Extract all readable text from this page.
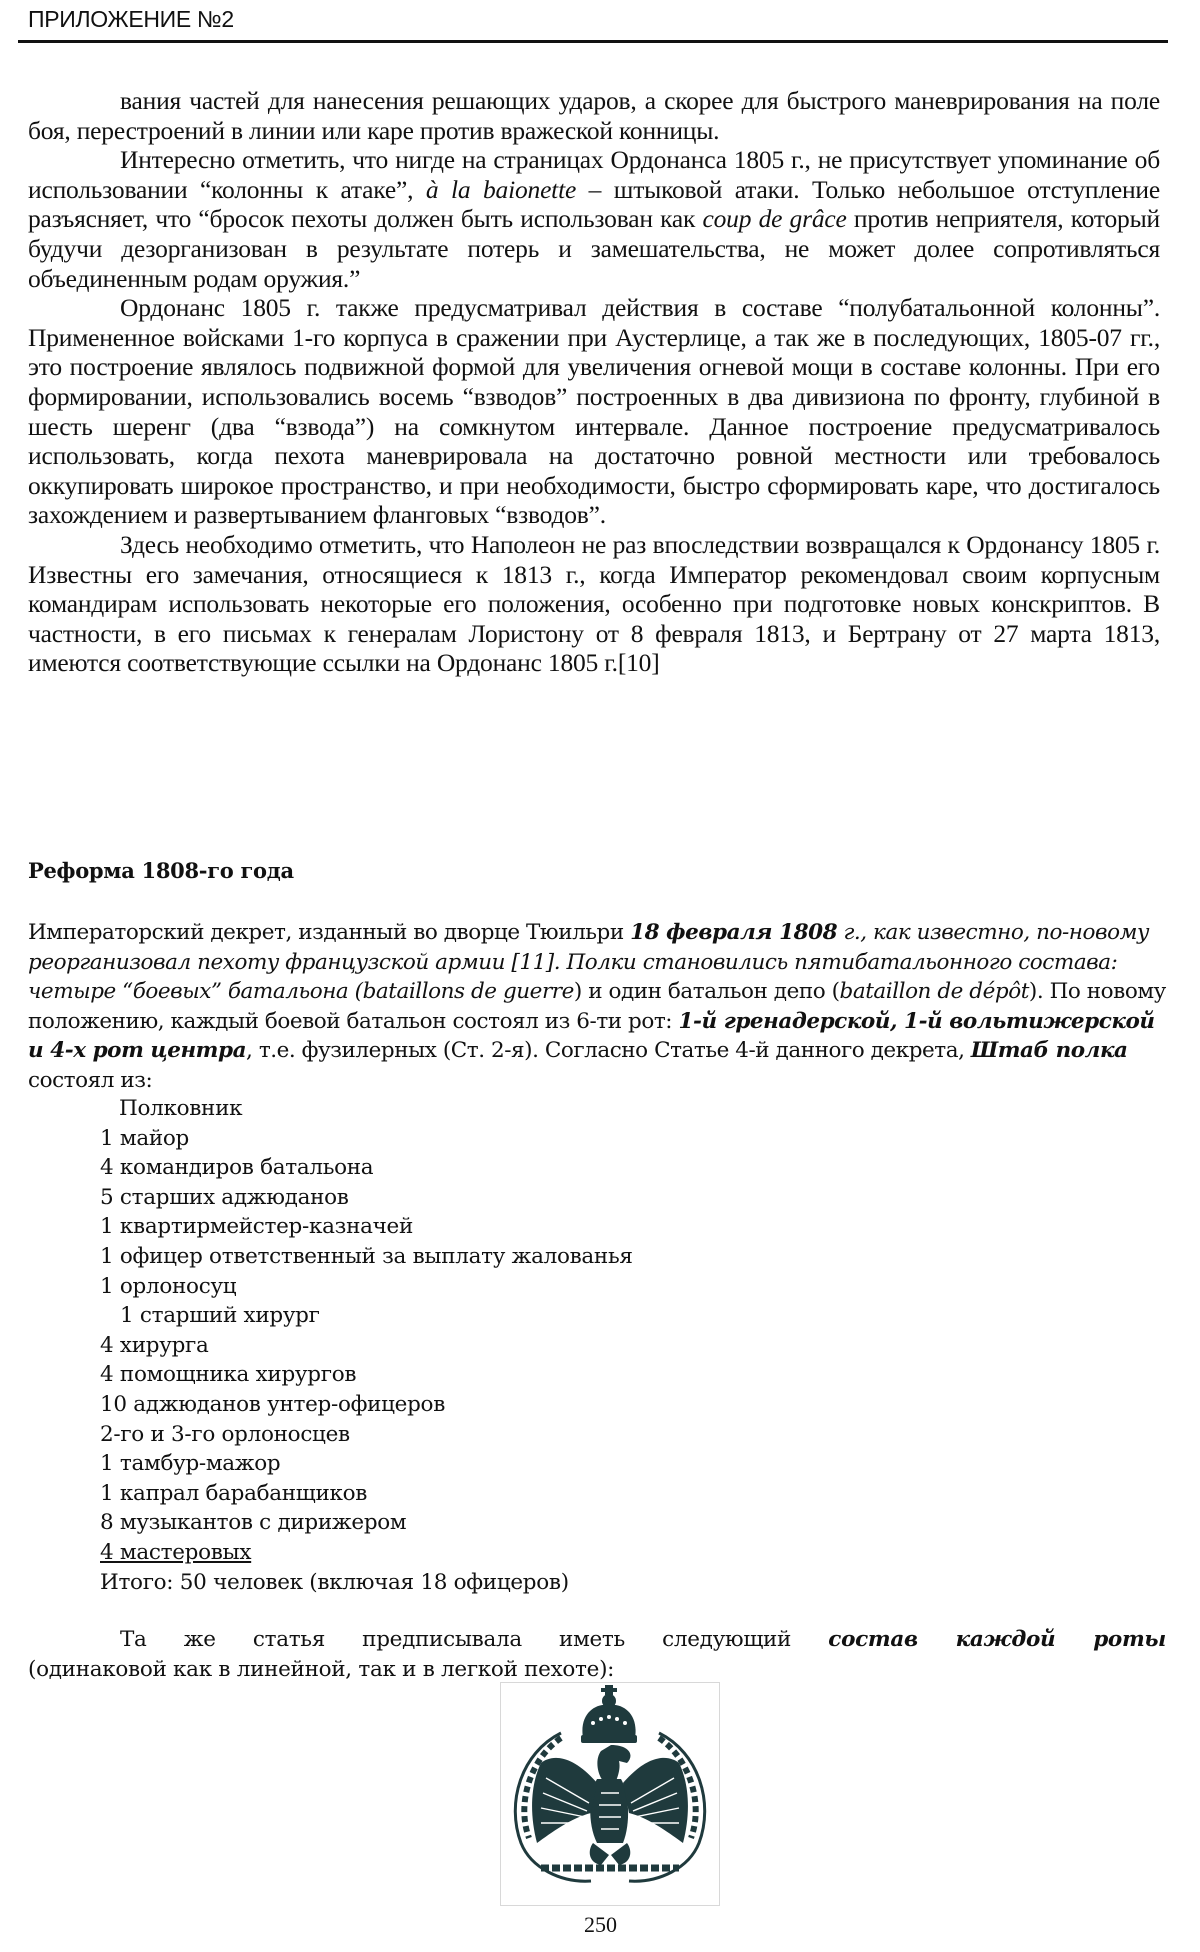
ПРИЛОЖЕНИЕ №2

вания частей для нанесения решающих ударов, а скорее для быстрого маневрирования на поле боя, перестроений в линии или каре против вражеской конницы.

Интересно отметить, что нигде на страницах Ордонанса 1805 г., не присутствует упоминание об использовании “колонны к атаке”, à la baionette – штыковой атаки. Только небольшое отступление разъясняет, что “бросок пехоты должен быть использован как coup de grâce против неприятеля, который будучи дезорганизован в результате потерь и замешательства, не может долее сопротивляться объединенным родам оружия.”

Ордонанс 1805 г. также предусматривал действия в составе “полубатальонной колонны”. Примененное войсками 1-го корпуса в сражении при Аустерлице, а так же в последующих, 1805-07 гг., это построение являлось подвижной формой для увеличения огневой мощи в составе колонны. При его формировании, использовались восемь “взводов” построенных в два дивизиона по фронту, глубиной в шесть шеренг (два “взвода”) на сомкнутом интервале. Данное построение предусматривалось использовать, когда пехота маневрировала на достаточно ровной местности или требовалось оккупировать широкое пространство, и при необходимости, быстро сформировать каре, что достигалось захождением и развертыванием фланговых “взводов”.

Здесь необходимо отметить, что Наполеон не раз впоследствии возвращался к Ордонансу 1805 г. Известны его замечания, относящиеся к 1813 г., когда Император рекомендовал своим корпусным командирам использовать некоторые его положения, особенно при подготовке новых конскриптов. В частности, в его письмах к генералам Лористону от 8 февраля 1813, и Бертрану от 27 марта 1813, имеются соответствующие ссылки на Ордонанс 1805 г.[10]

Реформа 1808-го года
Императорский декрет, изданный во дворце Тюильри 18 февраля 1808 г., как известно, по-новому реорганизовал пехоту французской армии [11]. Полки становились пятибатальонного состава: четыре “боевых” батальона (bataillons de guerre) и один батальон депо (bataillon de dépôt). По новому положению, каждый боевой батальон состоял из 6-ти рот: 1-й гренадерской, 1-й вольтижерской и 4-х рот центра, т.е. фузилерных (Ст. 2-я). Согласно Статье 4-й данного декрета, Штаб полка состоял из:
Полковник
1 майор
4 командиров батальона
5 старших аджюданов
1 квартирмейстер-казначей
1 офицер ответственный за выплату жалованья
1 орлоносуц
1 старший хирург
4 хирурга
4 помощника хирургов
10 аджюданов унтер-офицеров
2-го и 3-го орлоносцев
1 тамбур-мажор
1 капрал барабанщиков
8 музыкантов с дирижером
4 мастеровых
Итого: 50 человек (включая 18 офицеров)
Та же статья предписывала иметь следующий состав каждой роты
(одинаковой как в линейной, так и в легкой пехоте):
250
